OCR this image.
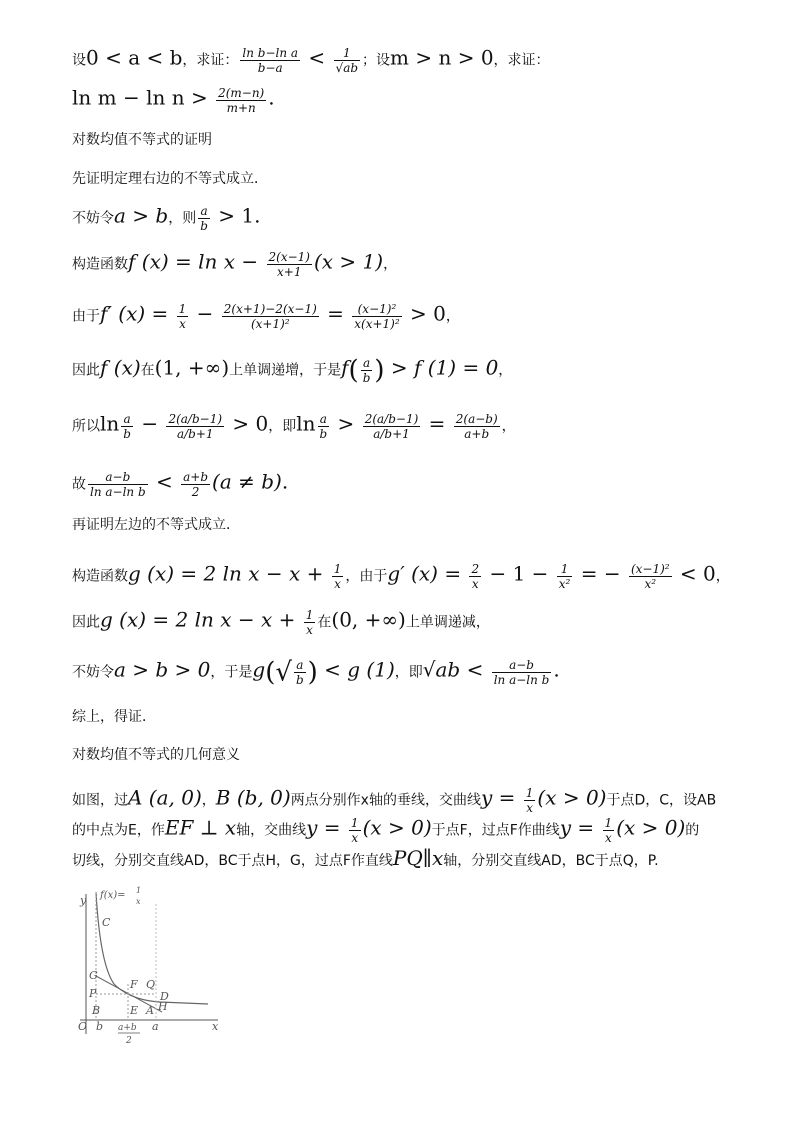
设0 < a < b，求证： $\frac{\text{ln b−ln a}}{b-a} < \frac{1}{√ab}$ ；设m > n > 0，求证：
$\ln m - \ln n > \frac{2(m-n)}{m+n}$ .
对数均值不等式的证明
先证明定理右边的不等式成立．
不妨令a > b，则 $\frac{a}{b} > 1$.
构造函数f $(x) = \ln x - \frac{2(x-1)}{x+1} (x > 1)$，
由于f′ $(x) = \frac{1}{x} - \frac{2(x+1)-2(x-1)}{\text{(x+1)²}} = \frac{\text{(x−1)²}}{\text{x(x+1)²}} > 0$，
因此f (x)在(1, +∞)上单调递增，于是$f( \frac{a}{b}$ ) > f (1) = 0，
所以$\ln \frac{a}{b} - \frac{2(a/b-1)}{a/b+1} > 0$，即$\ln \frac{a}{b} > \frac{2(a/b-1)}{a/b+1} = \frac{2(a-b)}{a+b}$ ，
故 $\frac{a-b}{\text{ln a−ln b}} < \frac{a+b}{2} (a \ne b)$.
再证明左边的不等式成立．
构造函数g (x) = 2 $\ln x - x + \frac{1}{x}$ ，由于g′ $(x) = \frac{2}{x} - 1 - \frac{1}{\text{x²}}$ = − $\frac{\text{(x−1)²}}{\text{x²}} < 0$，
因此g (x) = 2 $\ln x - x + \frac{1}{x}$ 在(0, +∞)上单调递减，
不妨令a > b > 0，于是$g(√ \frac{a}{b}$ ) < g (1)，即$√ab < \frac{a-b}{\text{ln a−ln b}}$ .
综上，得证．
对数均值不等式的几何意义
如图，过A (a, 0)，B (b, 0)两点分别作x轴的垂线，交曲线$y = \frac{1}{x} (x > 0)$于点D，C，设AB
的中点为E，作EF ⊥ x轴，交曲线$y = \frac{1}{x} (x > 0)$于点F，过点F作曲线$y = \frac{1}{x} (x > 0)$的
切线，分别交直线AD，BC于点H，G，过点F作直线PQ∥x轴，分别交直线AD，BC于点Q，P.
y f(x)= 1
x
C
G
F Q
P	D
B	E A H
O b a+b
2
a	x
